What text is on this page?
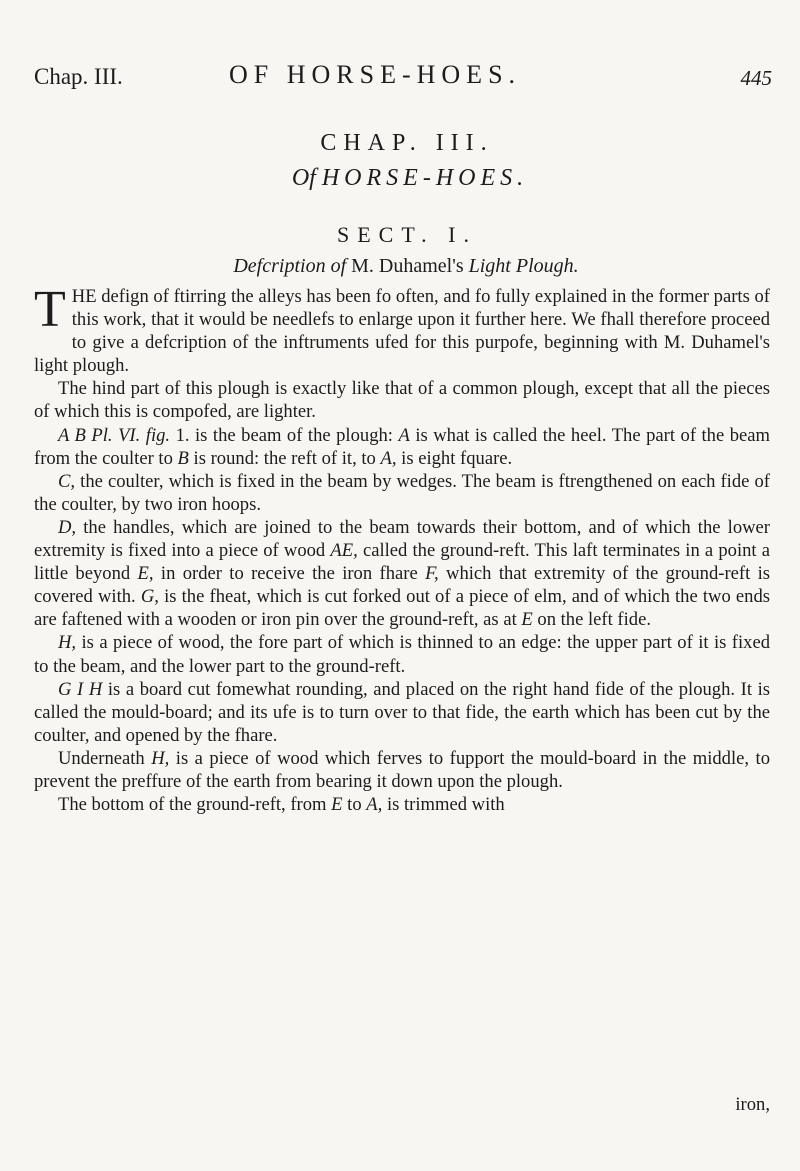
Chap. III.	OF HORSE-HOES.	445
CHAP. III.
Of HORSE-HOES.
SECT. I.
Defcription of M. Duhamel's Light Plough.

THE defign of ftirring the alleys has been fo often, and fo fully explained in the former parts of this work, that it would be needlefs to enlarge upon it further here. We fhall therefore proceed to give a defcription of the inftruments ufed for this purpofe, beginning with M. Duhamel's light plough.

The hind part of this plough is exactly like that of a common plough, except that all the pieces of which this is compofed, are lighter.

A B Pl. VI. fig. 1. is the beam of the plough: A is what is called the heel. The part of the beam from the coulter to B is round: the reft of it, to A, is eight fquare.

C, the coulter, which is fixed in the beam by wedges. The beam is ftrengthened on each fide of the coulter, by two iron hoops.

D, the handles, which are joined to the beam towards their bottom, and of which the lower extremity is fixed into a piece of wood AE, called the ground-reft. This laft terminates in a point a little beyond E, in order to receive the iron fhare F, which that extremity of the ground-reft is covered with. G, is the fheat, which is cut forked out of a piece of elm, and of which the two ends are faftened with a wooden or iron pin over the ground-reft, as at E on the left fide.

H, is a piece of wood, the fore part of which is thinned to an edge: the upper part of it is fixed to the beam, and the lower part to the ground-reft.

G I H is a board cut fomewhat rounding, and placed on the right hand fide of the plough. It is called the mould-board; and its ufe is to turn over to that fide, the earth which has been cut by the coulter, and opened by the fhare.

Underneath H, is a piece of wood which ferves to fupport the mould-board in the middle, to prevent the preffure of the earth from bearing it down upon the plough.

The bottom of the ground-reft, from E to A, is trimmed with

iron,
